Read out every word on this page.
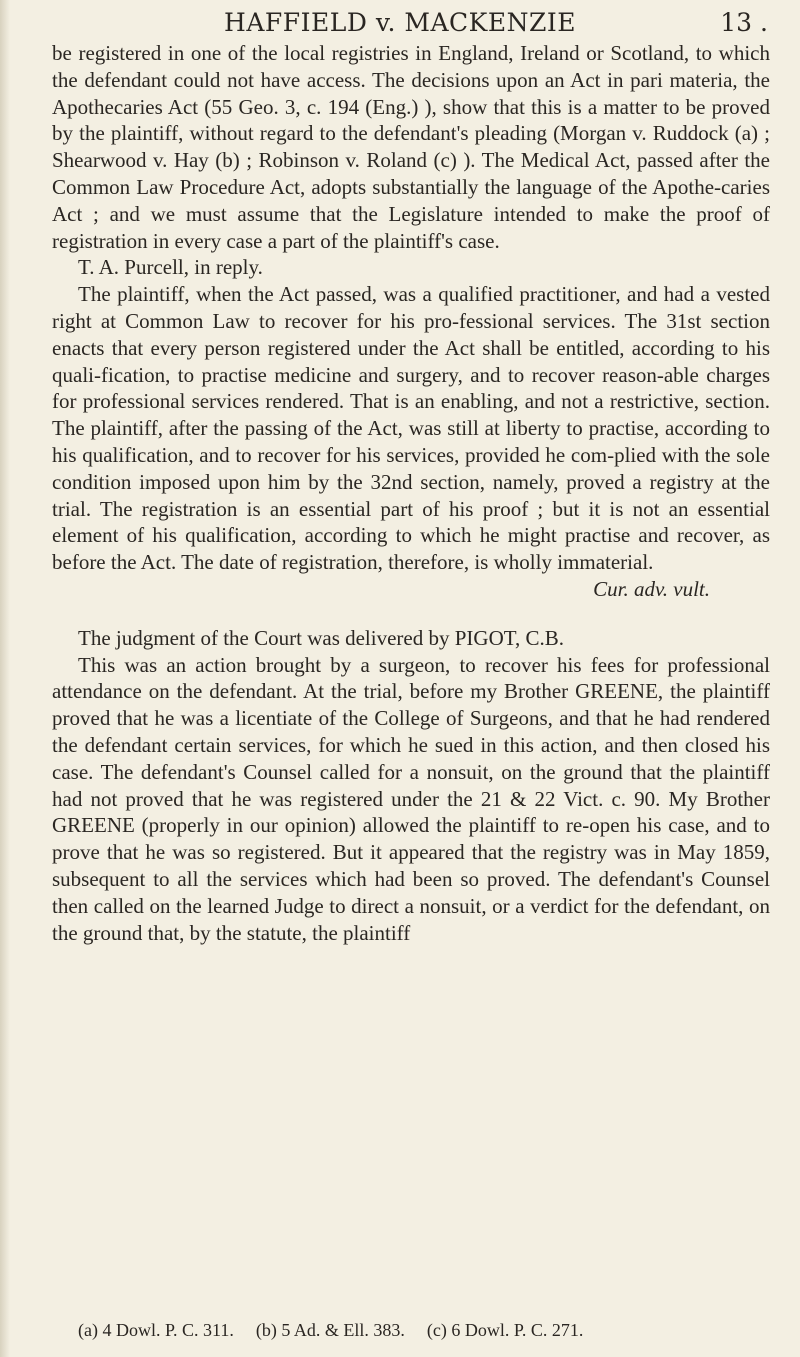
HAFFIELD v. MACKENZIE	13 .

be registered in one of the local registries in England, Ireland or Scotland, to which the defendant could not have access. The decisions upon an Act in pari materia, the Apothecaries Act (55 Geo. 3, c. 194 (Eng.) ), show that this is a matter to be proved by the plaintiff, without regard to the defendant's pleading (Morgan v. Ruddock (a) ; Shearwood v. Hay (b) ; Robinson v. Roland (c) ). The Medical Act, passed after the Common Law Procedure Act, adopts substantially the language of the Apothe-caries Act ; and we must assume that the Legislature intended to make the proof of registration in every case a part of the plaintiff's case.

T. A. Purcell, in reply.

The plaintiff, when the Act passed, was a qualified practitioner, and had a vested right at Common Law to recover for his pro-fessional services. The 31st section enacts that every person registered under the Act shall be entitled, according to his quali-fication, to practise medicine and surgery, and to recover reason-able charges for professional services rendered. That is an enabling, and not a restrictive, section. The plaintiff, after the passing of the Act, was still at liberty to practise, according to his qualification, and to recover for his services, provided he com-plied with the sole condition imposed upon him by the 32nd section, namely, proved a registry at the trial. The registration is an essential part of his proof ; but it is not an essential element of his qualification, according to which he might practise and recover, as before the Act. The date of registration, therefore, is wholly immaterial.

Cur. adv. vult.

The judgment of the Court was delivered by PIGOT, C.B.

This was an action brought by a surgeon, to recover his fees for professional attendance on the defendant. At the trial, before my Brother GREENE, the plaintiff proved that he was a licentiate of the College of Surgeons, and that he had rendered the defendant certain services, for which he sued in this action, and then closed his case. The defendant's Counsel called for a nonsuit, on the ground that the plaintiff had not proved that he was registered under the 21 & 22 Vict. c. 90. My Brother GREENE (properly in our opinion) allowed the plaintiff to re-open his case, and to prove that he was so registered. But it appeared that the registry was in May 1859, subsequent to all the services which had been so proved. The defendant's Counsel then called on the learned Judge to direct a nonsuit, or a verdict for the defendant, on the ground that, by the statute, the plaintiff

(a) 4 Dowl. P. C. 311. (b) 5 Ad. & Ell. 383. (c) 6 Dowl. P. C. 271.
